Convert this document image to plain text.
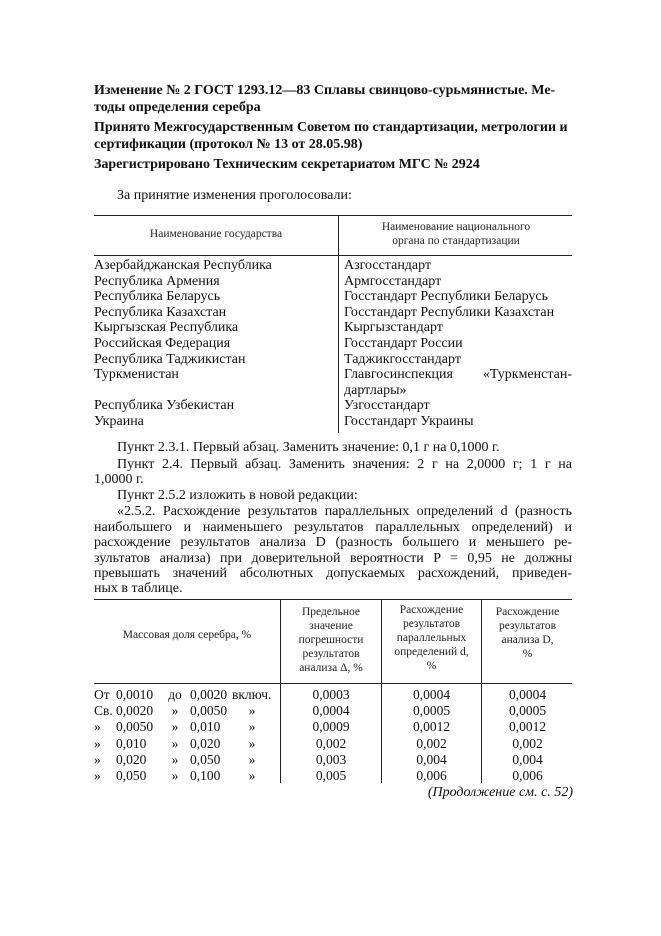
Изменение № 2 ГОСТ 1293.12—83 Сплавы свинцово-сурьмянистые. Ме-
тоды определения серебра
Принято Межгосударственным Советом по стандартизации, метрологии и
сертификации (протокол № 13 от 28.05.98)
Зарегистрировано Техническим секретариатом МГС № 2924
За принятие изменения проголосовали:
Наименование государства
Наименование национального
органа по стандартизации
Азербайджанская Республика	Азгосстандарт
Республика Армения	Армгосстандарт
Республика Беларусь	Госстандарт Республики Беларусь
Республика Казахстан	Госстандарт Республики Казахстан
Кыргызская Республика	Кыргызстандарт
Российская Федерация	Госстандарт России
Республика Таджикистан	Таджикгосстандарт
Туркменистан	Главгосинспекция «Туркменстан-
дартлары»
Республика Узбекистан	Узгосстандарт
Украина	Госстандарт Украины
Пункт 2.3.1. Первый абзац. Заменить значение: 0,1 г на 0,1000 г.
Пункт 2.4. Первый абзац. Заменить значения: 2 г на 2,0000 г; 1 г на
1,0000 г.
Пункт 2.5.2 изложить в новой редакции:
«2.5.2. Расхождение результатов параллельных определений d (разность
наибольшего и наименьшего результатов параллельных определений) и
расхождение результатов анализа D (разность большего и меньшего ре-
зультатов анализа) при доверительной вероятности P = 0,95 не должны
превышать значений абсолютных допускаемых расхождений, приведен-
ных в таблице.
Массовая доля серебра, %
Предельное
значение
погрешности
результатов
анализа Δ, %
Расхождение
результатов
параллельных
определений d,
%
Расхождение
результатов
анализа D,
%
От 0,0010	до 0,0020 включ.	0,0003	0,0004	0,0004
Св. 0,0020	» 0,0050	»	0,0004	0,0005	0,0005
»	0,0050	» 0,010	»	0,0009	0,0012	0,0012
»	0,010	» 0,020	»	0,002	0,002	0,002
»	0,020	» 0,050	»	0,003	0,004	0,004
»	0,050	» 0,100	»	0,005	0,006	0,006
(Продолжение см. с. 52)
